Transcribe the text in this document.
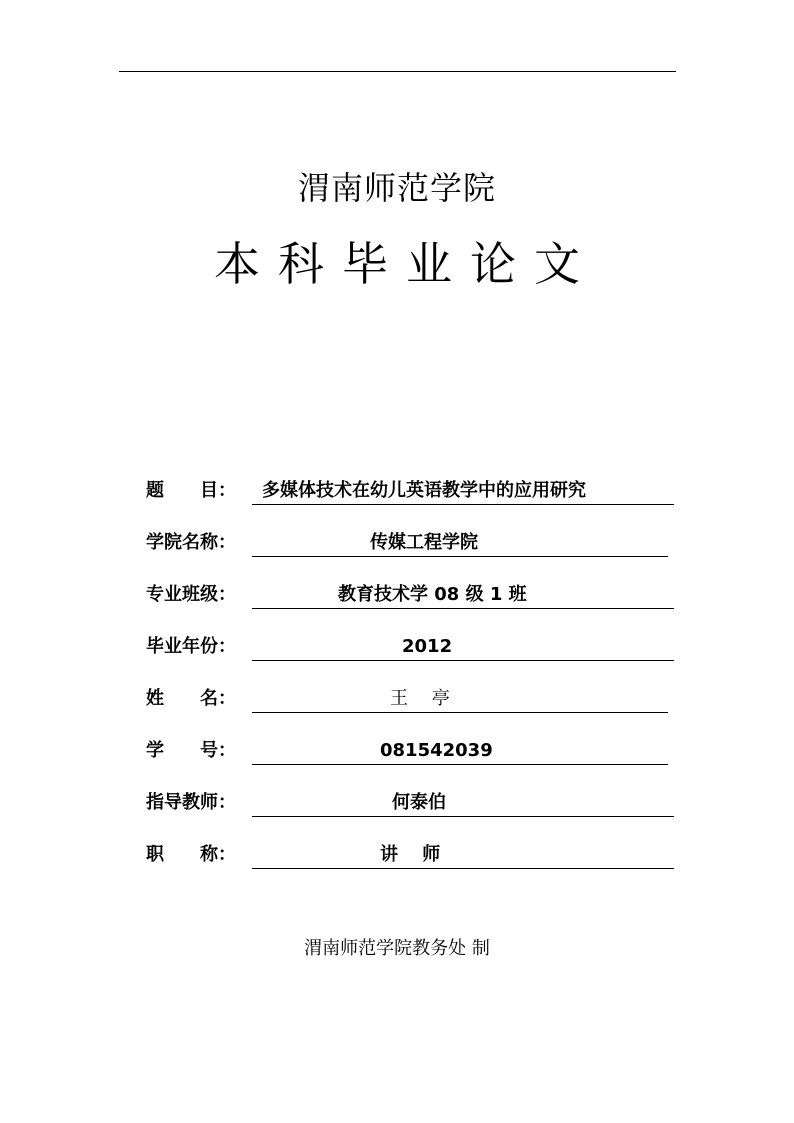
渭南师范学院
本科毕业论文
题　　目：	多媒体技术在幼儿英语教学中的应用研究
学院名称：	传媒工程学院
专业班级：	教育技术学 08 级 1 班
毕业年份：	2012
姓　　名：	王　 亭
学　　号：	081542039
指导教师：	何泰伯
职　　称：	讲　 师
渭南师范学院教务处 制
